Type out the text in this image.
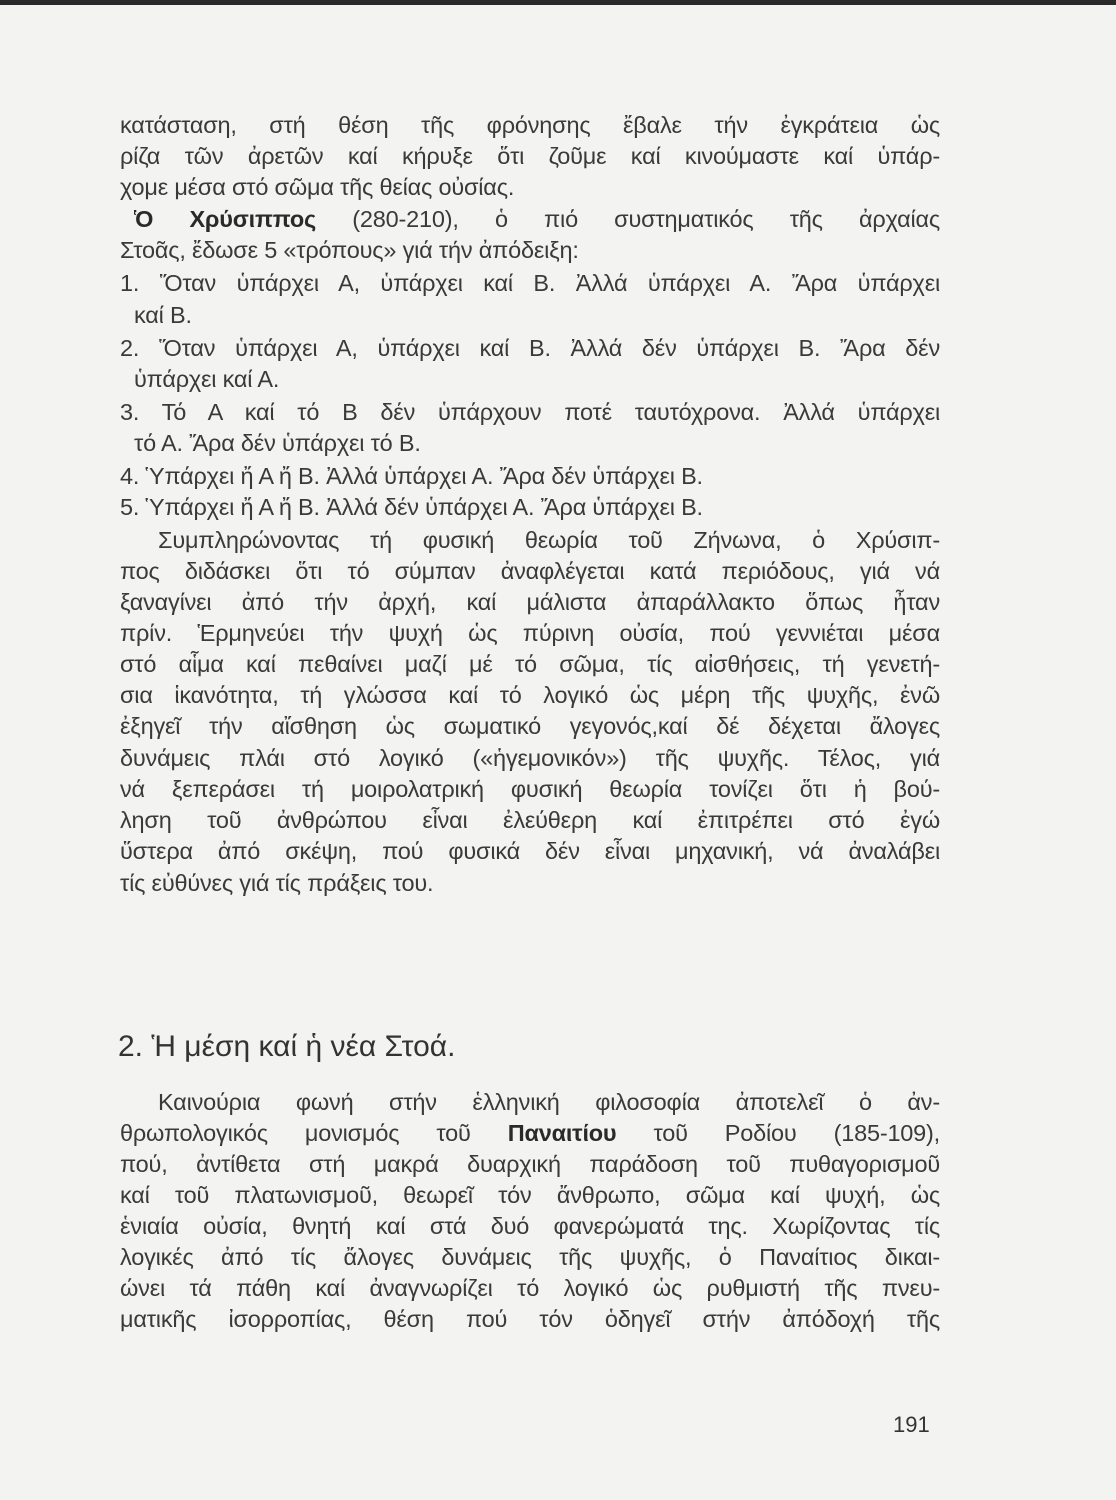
κατάσταση, στή θέση τῆς φρόνησης ἔβαλε τήν ἐγκράτεια ὡς
ρίζα τῶν ἀρετῶν καί κήρυξε ὅτι ζοῦμε καί κινούμαστε καί ὑπάρ-
χομε μέσα στό σῶμα τῆς θείας οὐσίας.
Ὁ Χρύσιππος (280-210), ὁ πιό συστηματικός τῆς ἀρχαίας
Στοᾶς, ἔδωσε 5 «τρόπους» γιά τήν ἀπόδειξη:
1. Ὅταν ὑπάρχει Α, ὑπάρχει καί Β. Ἀλλά ὑπάρχει Α. Ἄρα ὑπάρχει
καί Β.
2. Ὅταν ὑπάρχει Α, ὑπάρχει καί Β. Ἀλλά δέν ὑπάρχει Β. Ἄρα δέν
ὑπάρχει καί Α.
3. Τό Α καί τό Β δέν ὑπάρχουν ποτέ ταυτόχρονα. Ἀλλά ὑπάρχει
τό Α. Ἄρα δέν ὑπάρχει τό Β.
4. Ὑπάρχει ἤ Α ἤ Β. Ἀλλά ὑπάρχει Α. Ἄρα δέν ὑπάρχει Β.
5. Ὑπάρχει ἤ Α ἤ Β. Ἀλλά δέν ὑπάρχει Α. Ἄρα ὑπάρχει Β.
Συμπληρώνοντας τή φυσική θεωρία τοῦ Ζήνωνα, ὁ Χρύσιπ-
πος διδάσκει ὅτι τό σύμπαν ἀναφλέγεται κατά περιόδους, γιά νά
ξαναγίνει ἀπό τήν ἀρχή, καί μάλιστα ἀπαράλλακτο ὅπως ἦταν
πρίν. Ἑρμηνεύει τήν ψυχή ὡς πύρινη οὐσία, πού γεννιέται μέσα
στό αἷμα καί πεθαίνει μαζί μέ τό σῶμα, τίς αἰσθήσεις, τή γενετή-
σια ἱκανότητα, τή γλώσσα καί τό λογικό ὡς μέρη τῆς ψυχῆς, ἐνῶ
ἐξηγεῖ τήν αἴσθηση ὡς σωματικό γεγονός,καί δέ δέχεται ἄλογες
δυνάμεις πλάι στό λογικό («ἡγεμονικόν») τῆς ψυχῆς. Τέλος, γιά
νά ξεπεράσει τή μοιρολατρική φυσική θεωρία τονίζει ὅτι ἡ βού-
ληση τοῦ ἀνθρώπου εἶναι ἐλεύθερη καί ἐπιτρέπει στό ἐγώ
ὕστερα ἀπό σκέψη, πού φυσικά δέν εἶναι μηχανική, νά ἀναλάβει
τίς εὐθύνες γιά τίς πράξεις του.
2. Ἡ μέση καί ἡ νέα Στοά.
Καινούρια φωνή στήν ἑλληνική φιλοσοφία ἀποτελεῖ ὁ ἀν-
θρωπολογικός μονισμός τοῦ Παναιτίου τοῦ Ροδίου (185-109),
πού, ἀντίθετα στή μακρά δυαρχική παράδοση τοῦ πυθαγορισμοῦ
καί τοῦ πλατωνισμοῦ, θεωρεῖ τόν ἄνθρωπο, σῶμα καί ψυχή, ὡς
ἑνιαία οὐσία, θνητή καί στά δυό φανερώματά της. Χωρίζοντας τίς
λογικές ἀπό τίς ἄλογες δυνάμεις τῆς ψυχῆς, ὁ Παναίτιος δικαι-
ώνει τά πάθη καί ἀναγνωρίζει τό λογικό ὡς ρυθμιστή τῆς πνευ-
ματικῆς ἰσορροπίας, θέση πού τόν ὁδηγεῖ στήν ἀπόδοχή τῆς
191
